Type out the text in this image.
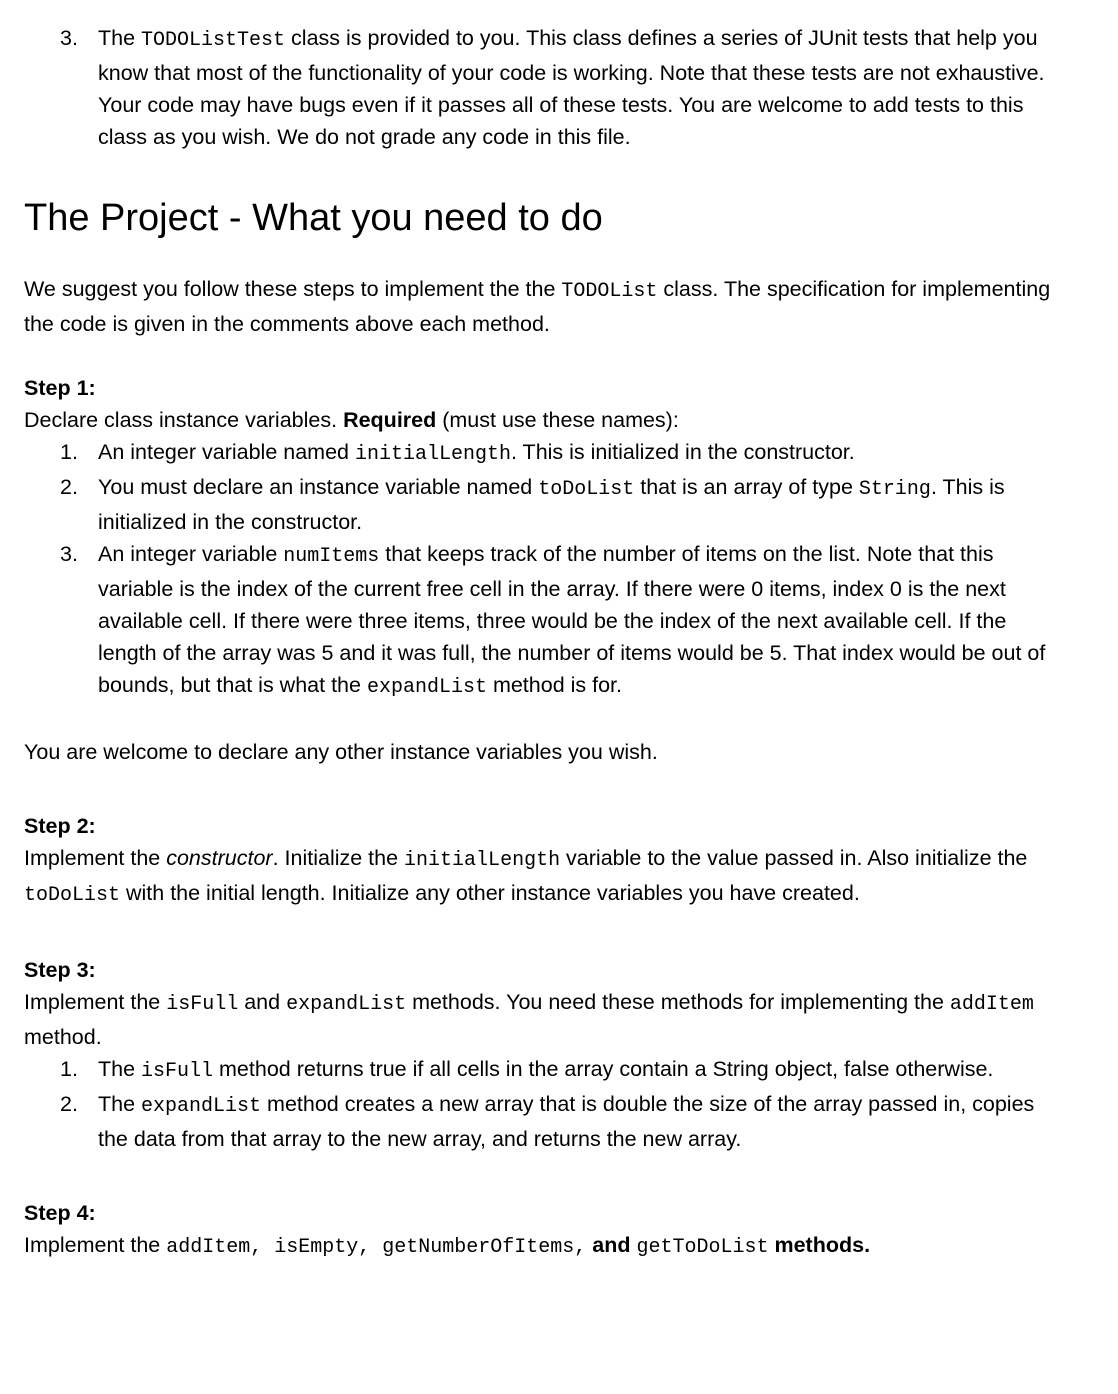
3. The TODOListTest class is provided to you. This class defines a series of JUnit tests that help you know that most of the functionality of your code is working. Note that these tests are not exhaustive. Your code may have bugs even if it passes all of these tests. You are welcome to add tests to this class as you wish. We do not grade any code in this file.
The Project - What you need to do

We suggest you follow these steps to implement the the TODOList class. The specification for implementing the code is given in the comments above each method.

Step 1:

Declare class instance variables. Required (must use these names):

1. An integer variable named initialLength. This is initialized in the constructor.
2. You must declare an instance variable named toDoList that is an array of type String. This is initialized in the constructor.
3. An integer variable numItems that keeps track of the number of items on the list. Note that this variable is the index of the current free cell in the array. If there were 0 items, index 0 is the next available cell. If there were three items, three would be the index of the next available cell. If the length of the array was 5 and it was full, the number of items would be 5. That index would be out of bounds, but that is what the expandList method is for.

You are welcome to declare any other instance variables you wish.

Step 2:

Implement the constructor. Initialize the initialLength variable to the value passed in. Also initialize the toDoList with the initial length. Initialize any other instance variables you have created.

Step 3:

Implement the isFull and expandList methods. You need these methods for implementing the addItem method.

1. The isFull method returns true if all cells in the array contain a String object, false otherwise.
2. The expandList method creates a new array that is double the size of the array passed in, copies the data from that array to the new array, and returns the new array.
Step 4:

Implement the addItem, isEmpty, getNumberOfItems, and getToDoList methods.
